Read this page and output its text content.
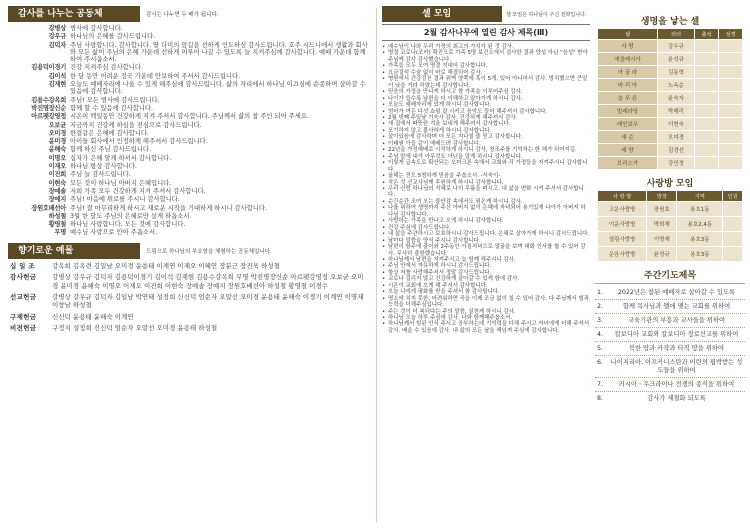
감사를 나누는 공동체	감사는 나누면 두 배가 됩니다.
강병상 범사에 감사합니다.
강우규 하나님의 은혜를 감사드립니다.
김덕자 주님 사랑합니다. 감사합니다. 딸 다미의 앞길을 선하게 인도하심 감사드립니다. 호주 시드니에서 생활과 회사와 모든 삶이 주님의 은혜 가운데 선하게 이루어 나갈 수 있도록 늘 지켜주심에 감사합니다. 예배 가운데 함께 하여 주시옵소서.
김용덕이경기 건강 지켜주심 감사합니다.
김이석 한 달 동안 어려운 정국 가운데 안보하여 주셔서 감사드립니다.
김재현 오늘도 예배자리에 나올 수 있게 해주심에 감사드립니다. 삶의 자리에서 하나님 이끄심에 순종하며 살아갈 수 있음에 감사합니다.
김용수강옥희 주님! 모든 범사에 감사드립니다.
박진명장신순 함께 할 수 있음에 감사합니다.
아르펫강영정 시온이 백일동안 건강하게 지켜 주셔서 감사합니다. 주님께서 삶의 참 주인 되어 주세요.
오보균 지금까지 건강케 하심을 진심으로 감사드립니다.
오미경 한결같은 은혜에 감사합니다.
윤미경 아이들 회사에서 인정하게 해주셔서 감사드립니다.
윤해숙 함께 하신 주님 감사드립니다.
이명오 십자가 은혜 알게 하셔서 감사합니다.
이재오 하나님 항상 감사합니다.
이진희 주님 늘 감사드립니다.
이현숙 모든 것이 하나님 아버지 은혜입니다.
장예솔 저희 가족 모두 건강하게 지켜 주셔서 감사합니다.
장예지 주님! 마음에 위로를 주시니 감사합니다.
장원호배선아 주님! 잘 마무리하게 하시고 새로운 시작을 기대하게 하시니 감사합니다.
하성철 3월 한 달도 주님의 은혜로만 살게 하옵소서.
황영철 하나님 사랑합니다. 모든 것에 감사합니다.
무명 예수님 사랑으로 안아 주옵소서.
향기로운 예물	드림으로 하나님의 부요함을 체험하는 공동체입니다.
십 일 조	강옥희 김옥련 김일남 오미경 윤용태 이계연 이재오 이혜연 장분근 장진욱 하성철
감사헌금	강병상 강우규 김덕자 김용덕이경기 김이석 김재현 김용수강옥희 무명 박진명장신순 아르펫강영정 오보균 오미경 윤미경 윤해숙 이명오 이재오 이진희 이현숙 장예솔 장예지 장원호배선아 하성철 황영철 이경수
선교헌금	강병상 강우규 김덕자 김일남 박연태 성정희 신신덕 엄순자 오말선 오미경 윤용태 윤해숙 이경기 이계연 이명재 이창남 하성철
구제헌금	신신덕 윤용태 윤해숙 이계연
비전헌금	구정지 성정희 신신덕 엄순자 오말선 오미경 윤용태 하성철
셀 모임	셀 모임은 하나님이 주신 전략입니다.
2월 감사나무에 열린 감사 제목(Ⅲ)
• 예수님이 나와 우리 가정의 최고의 가치가 된 것 감사.
• 명절 코로나(조카) 확진으로 가족 5명 보건소에서 검사한 결과 양성 아닌 "음성" 받아 주님께 감사 감사했습니다.
• 가족들 모두 모여 명절 지내어 감사합니다.
• 요금결석 수술 없이 바로 해결되어 감사.
• 병원에서 건강검진 결과 위벽 양쪽에 혹이 5개, 있어 아니어서 감사. 방치했으면 큰일이 났을 거라 하였는데 감사합니다.
• 믿음의 가정을 만나게 하시고 함 가족을 이루어주심 감사.
• 나이가 들수록 남편을 더 이해하고 알아가게 하시니 감사.
• 오늘도 예배자리에 있게 하시니 감사합니다.
• 엄마가 여든 다섯 쇼핑 잘 시키고 음악도 들어 해주셔서 감사합니다.
• 2월 넷째 주일날 기숙사 감사. 건강하게 해주셔서 감사.
• 새 집에서 따뜻한 겨울 보내게 해주셔서 감사합니다.
• 포기하지 않고 붙사하게 하시니 감사합니다.
• 살아있음에 감사하며 더 모든 지나칠 줄 믿고 감사합니다.
• 이태원 아들 같이 예배드려 감사합니다.
• 22년을 가정예배로 시작하게 하시니 감사, 천조주를 기억하는 한 해가 되어지길.
• 주님 말에 내가 아무것도 아닌을 알게 하시니 감사합니다.
• 이렇게 급속도로 확산되는 오미크론 속에서 교회와 각 가정들을 지켜주시니 감사합니다.
• 올해는 전도 5명하게 믿음을 주옵소서. -서숙이-
• 작은 것 선교사님께 후원하게 하시니 감사합니다.
• 우리 신랑 하나님의 지혜로 나의 무릎을 펴시고, 내 삶을 변화 시켜 주셔서 감사합니다.
• 순간순간 조여 오는 불안감 속에서도 평온케 하시니 감사.
• 나를 위하여 생명까지 주신 아버지 없이 은혜에 자녀되어 용기있게 나아가 아버지 하나님 감사합니다.
• 사랑하는 가족을 만나고 오게 하시니 감사합니다.
• 건강 주심에 감사드립니다.
• 내 삶을 주관하시고 보호하시니 감사드립니다. 은혜로 살아가게 하시니 감사드립니다.
• 날마다 말씀을 양식 주시니 감사합니다.
• 남편이 함주에 출어와 2주동안 아침저녁으로 얼굴을 보며 대화 인사를 할 수 있어 감사. 무사히 출항했습니다.
• 하나님께서 남편을 지켜주시고 늘 함께 해주시니 감사.
• 주님 안에서 자유하게 하시니 감사드립니다.
• 항상 저를 사랑해주셔서 정말 감사드립니다.
• 코로나 걸리지 않고 건강하게 살아갈 수 있게 함에 감사.
• 시온이 교회에 오게 해 주셔서 감사합니다.
• 오늘 나에게 평화를 받을 주셔서 참 감사합니다.
• 명소에 치지 못한, 어려워하면 곡을 이제 조금 없이 칠 수 있어 감사. 다 주님께서 힘과 능력을 더해주심입니다.
• 주는 것이 더 복되다는 주의 말씀, 실천케 하시니 감사.
• 하나님 오늘 하루 주심에 감사. 나와 함께해주옵소서.
• 하나님께서 힘된 안식 주시고 공부하는데 기억력을 더해 주시고 자녀에게 더해 주셔서 감사. 배울 수 있음에 감사. 내 삶의 모든 날을 책임져 주심에 감사합니다.
생명을 낳는 셀
셀	리더	출석	성경
사 랑	강우규		
에클레시아	윤성규		
아 굴 라	김동혁		
마 리 아	노옥순		
늘 푸 른	윤숙자		
빌레라당	박헤리		
레인보우	이현숙		
새 순	오미경		
예 향	김경선		
브리스가	강민정		
사랑방 모임
사 랑 방	방장	지역	인원
고운사랑방	장원호	용호1동	
이운사랑방	박희재	용호2,4동	
열림사랑방	이명재	용호3동	
운음사랑방	윤성규	용호3동	
주간기도제목
1.	2022년은 참된 예배자로 살아갈 수 있도록
2.	함께 목사님과 엘애 맺는 교회를 위하여
3.	교육기관의 부흥과 교사들을 위하여
4.	칼보디아 교회와 칼보디아 장로선교를 위하여
5.	북한 땅과 카작과 타직 땅을 위하여
6.	나이지리아, 아프카니스탄과 이란의 핍박받는 성도들을 위하여
7.	러시아ㆍ우크라이나 전쟁의 종식을 위하여
8.	감사가 제철화 되도록
